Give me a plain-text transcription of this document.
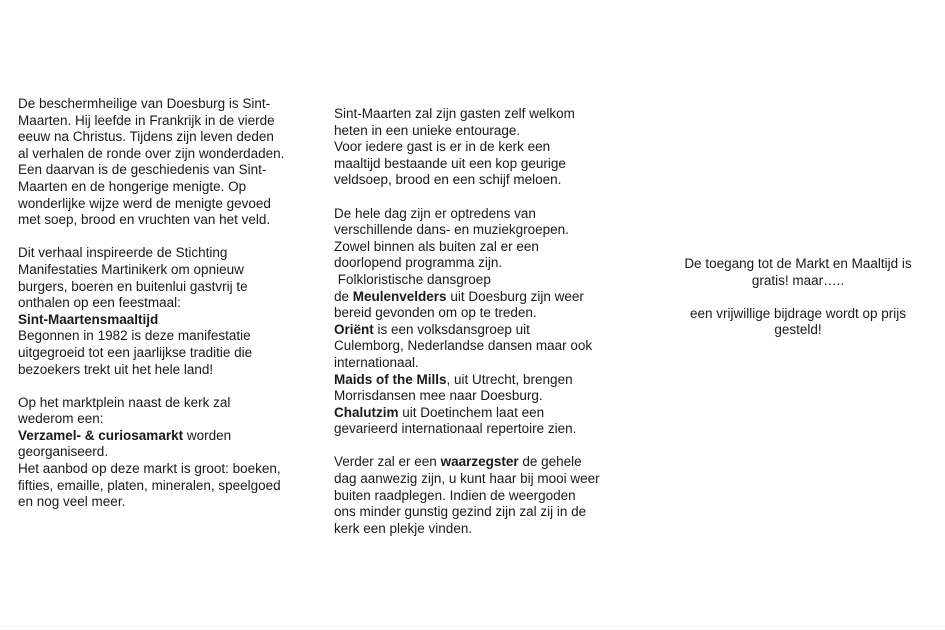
De beschermheilige van Doesburg is Sint-
Maarten. Hij leefde in Frankrijk in de vierde
eeuw na Christus. Tijdens zijn leven deden
al verhalen de ronde over zijn wonderdaden.
Een daarvan is de geschiedenis van Sint-
Maarten en de hongerige menigte. Op
wonderlijke wijze werd de menigte gevoed
met soep, brood en vruchten van het veld.

Dit verhaal inspireerde de Stichting
Manifestaties Martinikerk om opnieuw
burgers, boeren en buitenlui gastvrij te
onthalen op een feestmaal:
Sint-Maartensmaaltijd
Begonnen in 1982 is deze manifestatie
uitgegroeid tot een jaarlijkse traditie die
bezoekers trekt uit het hele land!

Op het marktplein naast de kerk zal
wederom een:
Verzamel- & curiosamarkt worden
georganiseerd.
Het aanbod op deze markt is groot: boeken,
fifties, emaille, platen, mineralen, speelgoed
en nog veel meer.

Sint-Maarten zal zijn gasten zelf welkom
heten in een unieke entourage.
Voor iedere gast is er in de kerk een
maaltijd bestaande uit een kop geurige
veldsoep, brood en een schijf meloen.

De hele dag zijn er optredens van
verschillende dans- en muziekgroepen.
Zowel binnen als buiten zal er een
doorlopend programma zijn.
Folkloristische dansgroep
de Meulenvelders uit Doesburg zijn weer
bereid gevonden om op te treden.
Oriënt is een volksdansgroep uit
Culemborg, Nederlandse dansen maar ook
internationaal.
Maids of the Mills, uit Utrecht, brengen
Morrisdansen mee naar Doesburg.
Chalutzim uit Doetinchem laat een
gevarieerd internationaal repertoire zien.

Verder zal er een waarzegster de gehele
dag aanwezig zijn, u kunt haar bij mooi weer
buiten raadplegen. Indien de weergoden
ons minder gunstig gezind zijn zal zij in de
kerk een plekje vinden.

De toegang tot de Markt en Maaltijd is
gratis! maar…..

een vrijwillige bijdrage wordt op prijs
gesteld!
